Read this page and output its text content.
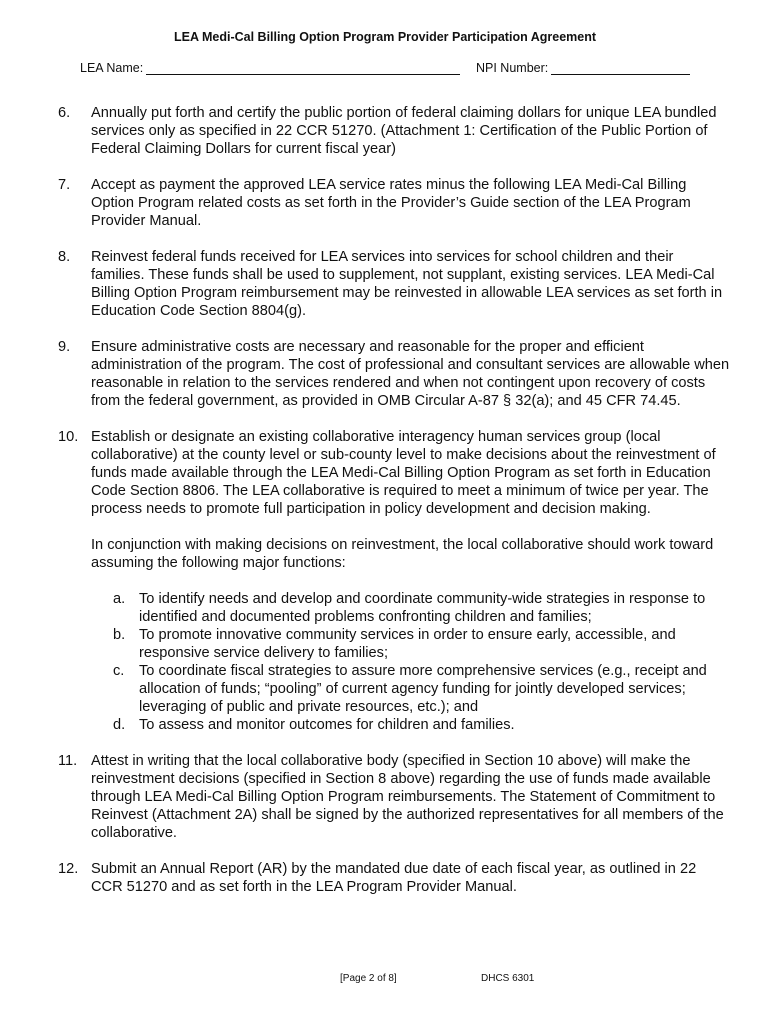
LEA Medi-Cal Billing Option Program Provider Participation Agreement
LEA Name:	NPI Number:
6.	Annually put forth and certify the public portion of federal claiming dollars for unique LEA bundled services only as specified in 22 CCR 51270. (Attachment 1: Certification of the Public Portion of Federal Claiming Dollars for current fiscal year)
7.	Accept as payment the approved LEA service rates minus the following LEA Medi-Cal Billing Option Program related costs as set forth in the Provider’s Guide section of the LEA Program Provider Manual.
8.	Reinvest federal funds received for LEA services into services for school children and their families. These funds shall be used to supplement, not supplant, existing services. LEA Medi-Cal Billing Option Program reimbursement may be reinvested in allowable LEA services as set forth in Education Code Section 8804(g).
9.	Ensure administrative costs are necessary and reasonable for the proper and efficient administration of the program. The cost of professional and consultant services are allowable when reasonable in relation to the services rendered and when not contingent upon recovery of costs from the federal government, as provided in OMB Circular A-87 § 32(a); and 45 CFR 74.45.
10. Establish or designate an existing collaborative interagency human services group (local collaborative) at the county level or sub-county level to make decisions about the reinvestment of funds made available through the LEA Medi-Cal Billing Option Program as set forth in Education Code Section 8806. The LEA collaborative is required to meet a minimum of twice per year. The process needs to promote full participation in policy development and decision making.

In conjunction with making decisions on reinvestment, the local collaborative should work toward assuming the following major functions:

a. To identify needs and develop and coordinate community-wide strategies in response to identified and documented problems confronting children and families;
b. To promote innovative community services in order to ensure early, accessible, and responsive service delivery to families;
c.	To coordinate fiscal strategies to assure more comprehensive services (e.g., receipt and allocation of funds; “pooling” of current agency funding for jointly developed services; leveraging of public and private resources, etc.); and
d. To assess and monitor outcomes for children and families.
11. Attest in writing that the local collaborative body (specified in Section 10 above) will make the reinvestment decisions (specified in Section 8 above) regarding the use of funds made available through LEA Medi-Cal Billing Option Program reimbursements. The Statement of Commitment to Reinvest (Attachment 2A) shall be signed by the authorized representatives for all members of the collaborative.
12. Submit an Annual Report (AR) by the mandated due date of each fiscal year, as outlined in 22 CCR 51270 and as set forth in the LEA Program Provider Manual.
[Page 2 of 8]	DHCS 6301
